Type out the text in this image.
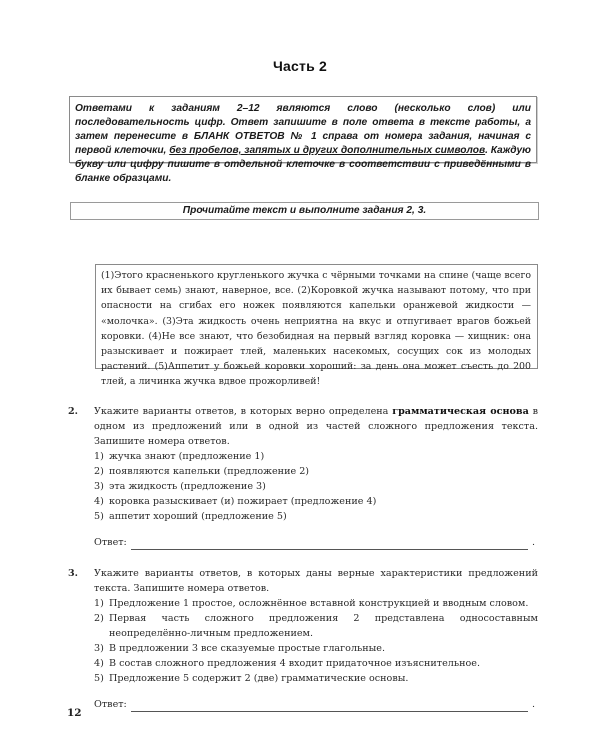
Часть 2
Ответами к заданиям 2–12 являются слово (несколько слов) или последовательность цифр. Ответ запишите в поле ответа в тексте работы, а затем перенесите в БЛАНК ОТВЕТОВ № 1 справа от номера задания, начиная с первой клеточки, без пробелов, запятых и других дополнительных символов. Каждую букву или цифру пишите в отдельной клеточке в соответствии с приведёнными в бланке образцами.
Прочитайте текст и выполните задания 2, 3.
(1)Этого красненького кругленького жучка с чёрными точками на спине (чаще всего их бывает семь) знают, наверное, все. (2)Коровкой жучка называют потому, что при опасности на сгибах его ножек появляются капельки оранжевой жидкости — «молочка». (3)Эта жидкость очень неприятна на вкус и отпугивает врагов божьей коровки. (4)Не все знают, что безобидная на первый взгляд коровка — хищник: она разыскивает и пожирает тлей, маленьких насекомых, сосущих сок из молодых растений. (5)Аппетит у божьей коровки хороший: за день она может съесть до 200 тлей, а личинка жучка вдвое прожорливей!
2. Укажите варианты ответов, в которых верно определена грамматическая основа в одном из предложений или в одной из частей сложного предложения текста. Запишите номера ответов.
1) жучка знают (предложение 1)
2) появляются капельки (предложение 2)
3) эта жидкость (предложение 3)
4) коровка разыскивает (и) пожирает (предложение 4)
5) аппетит хороший (предложение 5)
Ответ:	.
3. Укажите варианты ответов, в которых даны верные характеристики предложений текста. Запишите номера ответов.
1) Предложение 1 простое, осложнённое вставной конструкцией и вводным словом.
2) Первая часть сложного предложения 2 представлена односоставным неопределённо-личным предложением.
3) В предложении 3 все сказуемые простые глагольные.
4) В состав сложного предложения 4 входит придаточное изъяснительное.
5) Предложение 5 содержит 2 (две) грамматические основы.
Ответ:	.
12
